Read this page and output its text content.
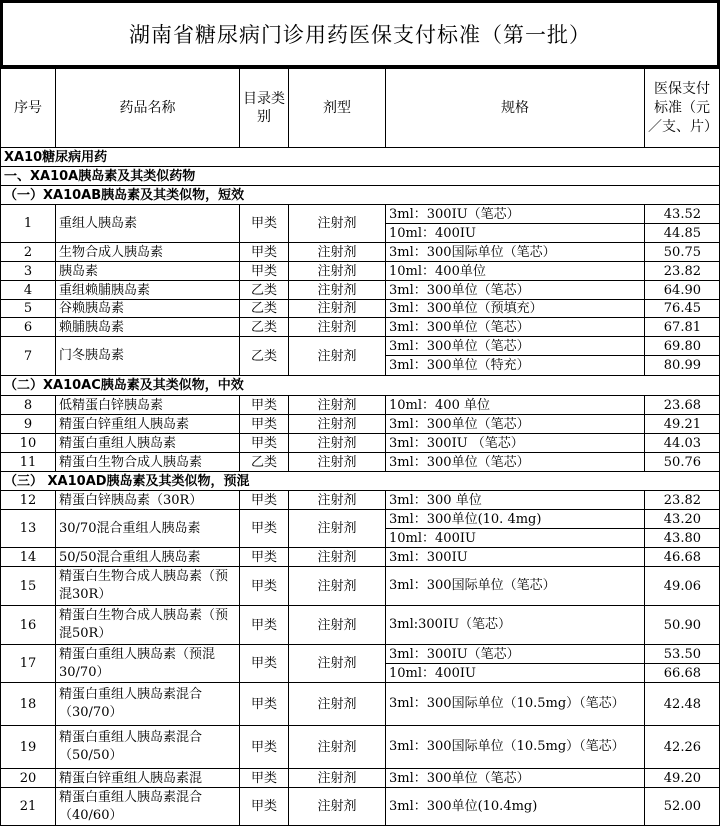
湖南省糖尿病门诊用药医保支付标准（第一批）
序号	药品名称	目录类别	剂型	规格	医保支付标准（元／支、片）
XA10糖尿病用药					
一、XA10A胰岛素及其类似药物					
（一）XA10AB胰岛素及其类似物，短效					
1	重组人胰岛素	甲类	注射剂	3ml：300IU（笔芯）	43.52
				10ml：400IU	44.85
2	生物合成人胰岛素	甲类	注射剂	3ml：300国际单位（笔芯）	50.75
3	胰岛素	甲类	注射剂	10ml：400单位	23.82
4	重组赖脯胰岛素	乙类	注射剂	3ml：300单位（笔芯）	64.90
5	谷赖胰岛素	乙类	注射剂	3ml：300单位（预填充）	76.45
6	赖脯胰岛素	乙类	注射剂	3ml：300单位（笔芯）	67.81
7	门冬胰岛素	乙类	注射剂	3ml：300单位（笔芯）	69.80
				3ml：300单位（特充）	80.99
（二）XA10AC胰岛素及其类似物，中效					
8	低精蛋白锌胰岛素	甲类	注射剂	10ml：400 单位	23.68
9	精蛋白锌重组人胰岛素	甲类	注射剂	3ml：300单位（笔芯）	49.21
10	精蛋白重组人胰岛素	甲类	注射剂	3ml：300IU （笔芯）	44.03
11	精蛋白生物合成人胰岛素	乙类	注射剂	3ml：300单位（笔芯）	50.76
（三） XA10AD胰岛素及其类似物，预混					
12	精蛋白锌胰岛素（30R）	甲类	注射剂	3ml：300 单位	23.82
13	30/70混合重组人胰岛素	甲类	注射剂	3ml：300单位(10. 4mg)	43.20
				10ml：400IU	43.80
14	50/50混合重组人胰岛素	甲类	注射剂	3ml：300IU	46.68
15	精蛋白生物合成人胰岛素（预混30R）	甲类	注射剂	3ml：300国际单位（笔芯）	49.06
16	精蛋白生物合成人胰岛素（预混50R）	甲类	注射剂	3ml:300IU（笔芯）	50.90
17	精蛋白重组人胰岛素（预混30/70）	甲类	注射剂	3ml：300IU（笔芯）	53.50
				10ml：400IU	66.68
18	精蛋白重组人胰岛素混合（30/70）	甲类	注射剂	3ml：300国际单位（10.5mg）（笔芯）	42.48
19	精蛋白重组人胰岛素混合（50/50）	甲类	注射剂	3ml：300国际单位（10.5mg）（笔芯）	42.26
20	精蛋白锌重组人胰岛素混	甲类	注射剂	3ml：300单位（笔芯）	49.20
21	精蛋白重组人胰岛素混合（40/60）	甲类	注射剂	3ml：300单位(10.4mg)	52.00
